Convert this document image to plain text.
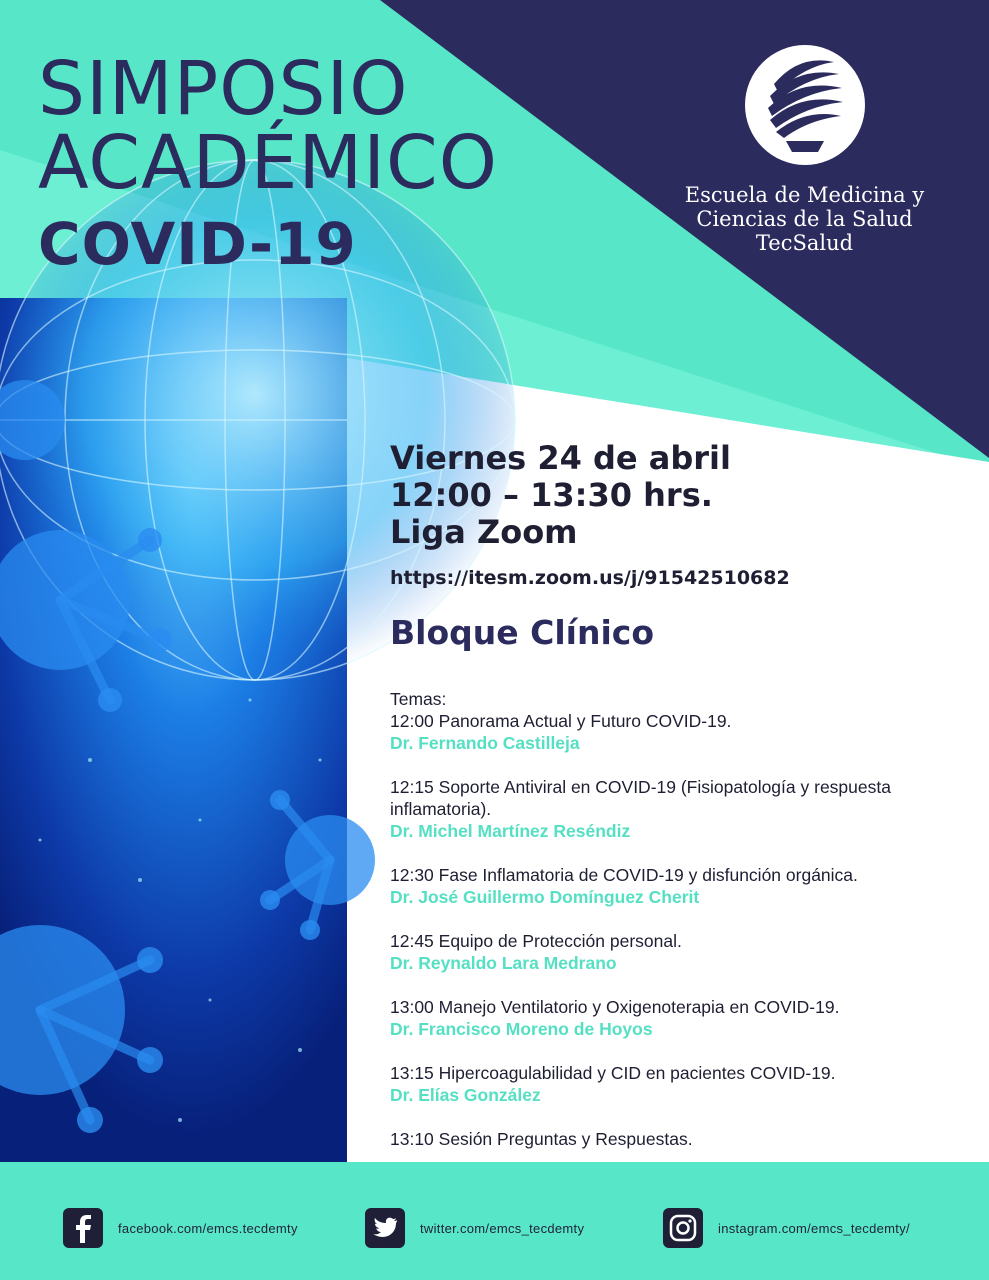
SIMPOSIO
ACADÉMICO
COVID-19
Escuela de Medicina y
Ciencias de la Salud
TecSalud
Viernes 24 de abril
12:00 – 13:30 hrs.
Liga Zoom
https://itesm.zoom.us/j/91542510682
Bloque Clínico
Temas:
12:00 Panorama Actual y Futuro COVID-19.
Dr. Fernando Castilleja
12:15 Soporte Antiviral en COVID-19 (Fisiopatología y respuesta inflamatoria).
Dr. Michel Martínez Reséndiz
12:30 Fase Inflamatoria de COVID-19 y disfunción orgánica.
Dr. José Guillermo Domínguez Cherit
12:45 Equipo de Protección personal.
Dr. Reynaldo Lara Medrano
13:00 Manejo Ventilatorio y Oxigenoterapia en COVID-19.
Dr. Francisco Moreno de Hoyos
13:15 Hipercoagulabilidad y CID en pacientes COVID-19.
Dr. Elías González
13:10 Sesión Preguntas y Respuestas.
facebook.com/emcs.tecdemty	twitter.com/emcs_tecdemty	instagram.com/emcs_tecdemty/
